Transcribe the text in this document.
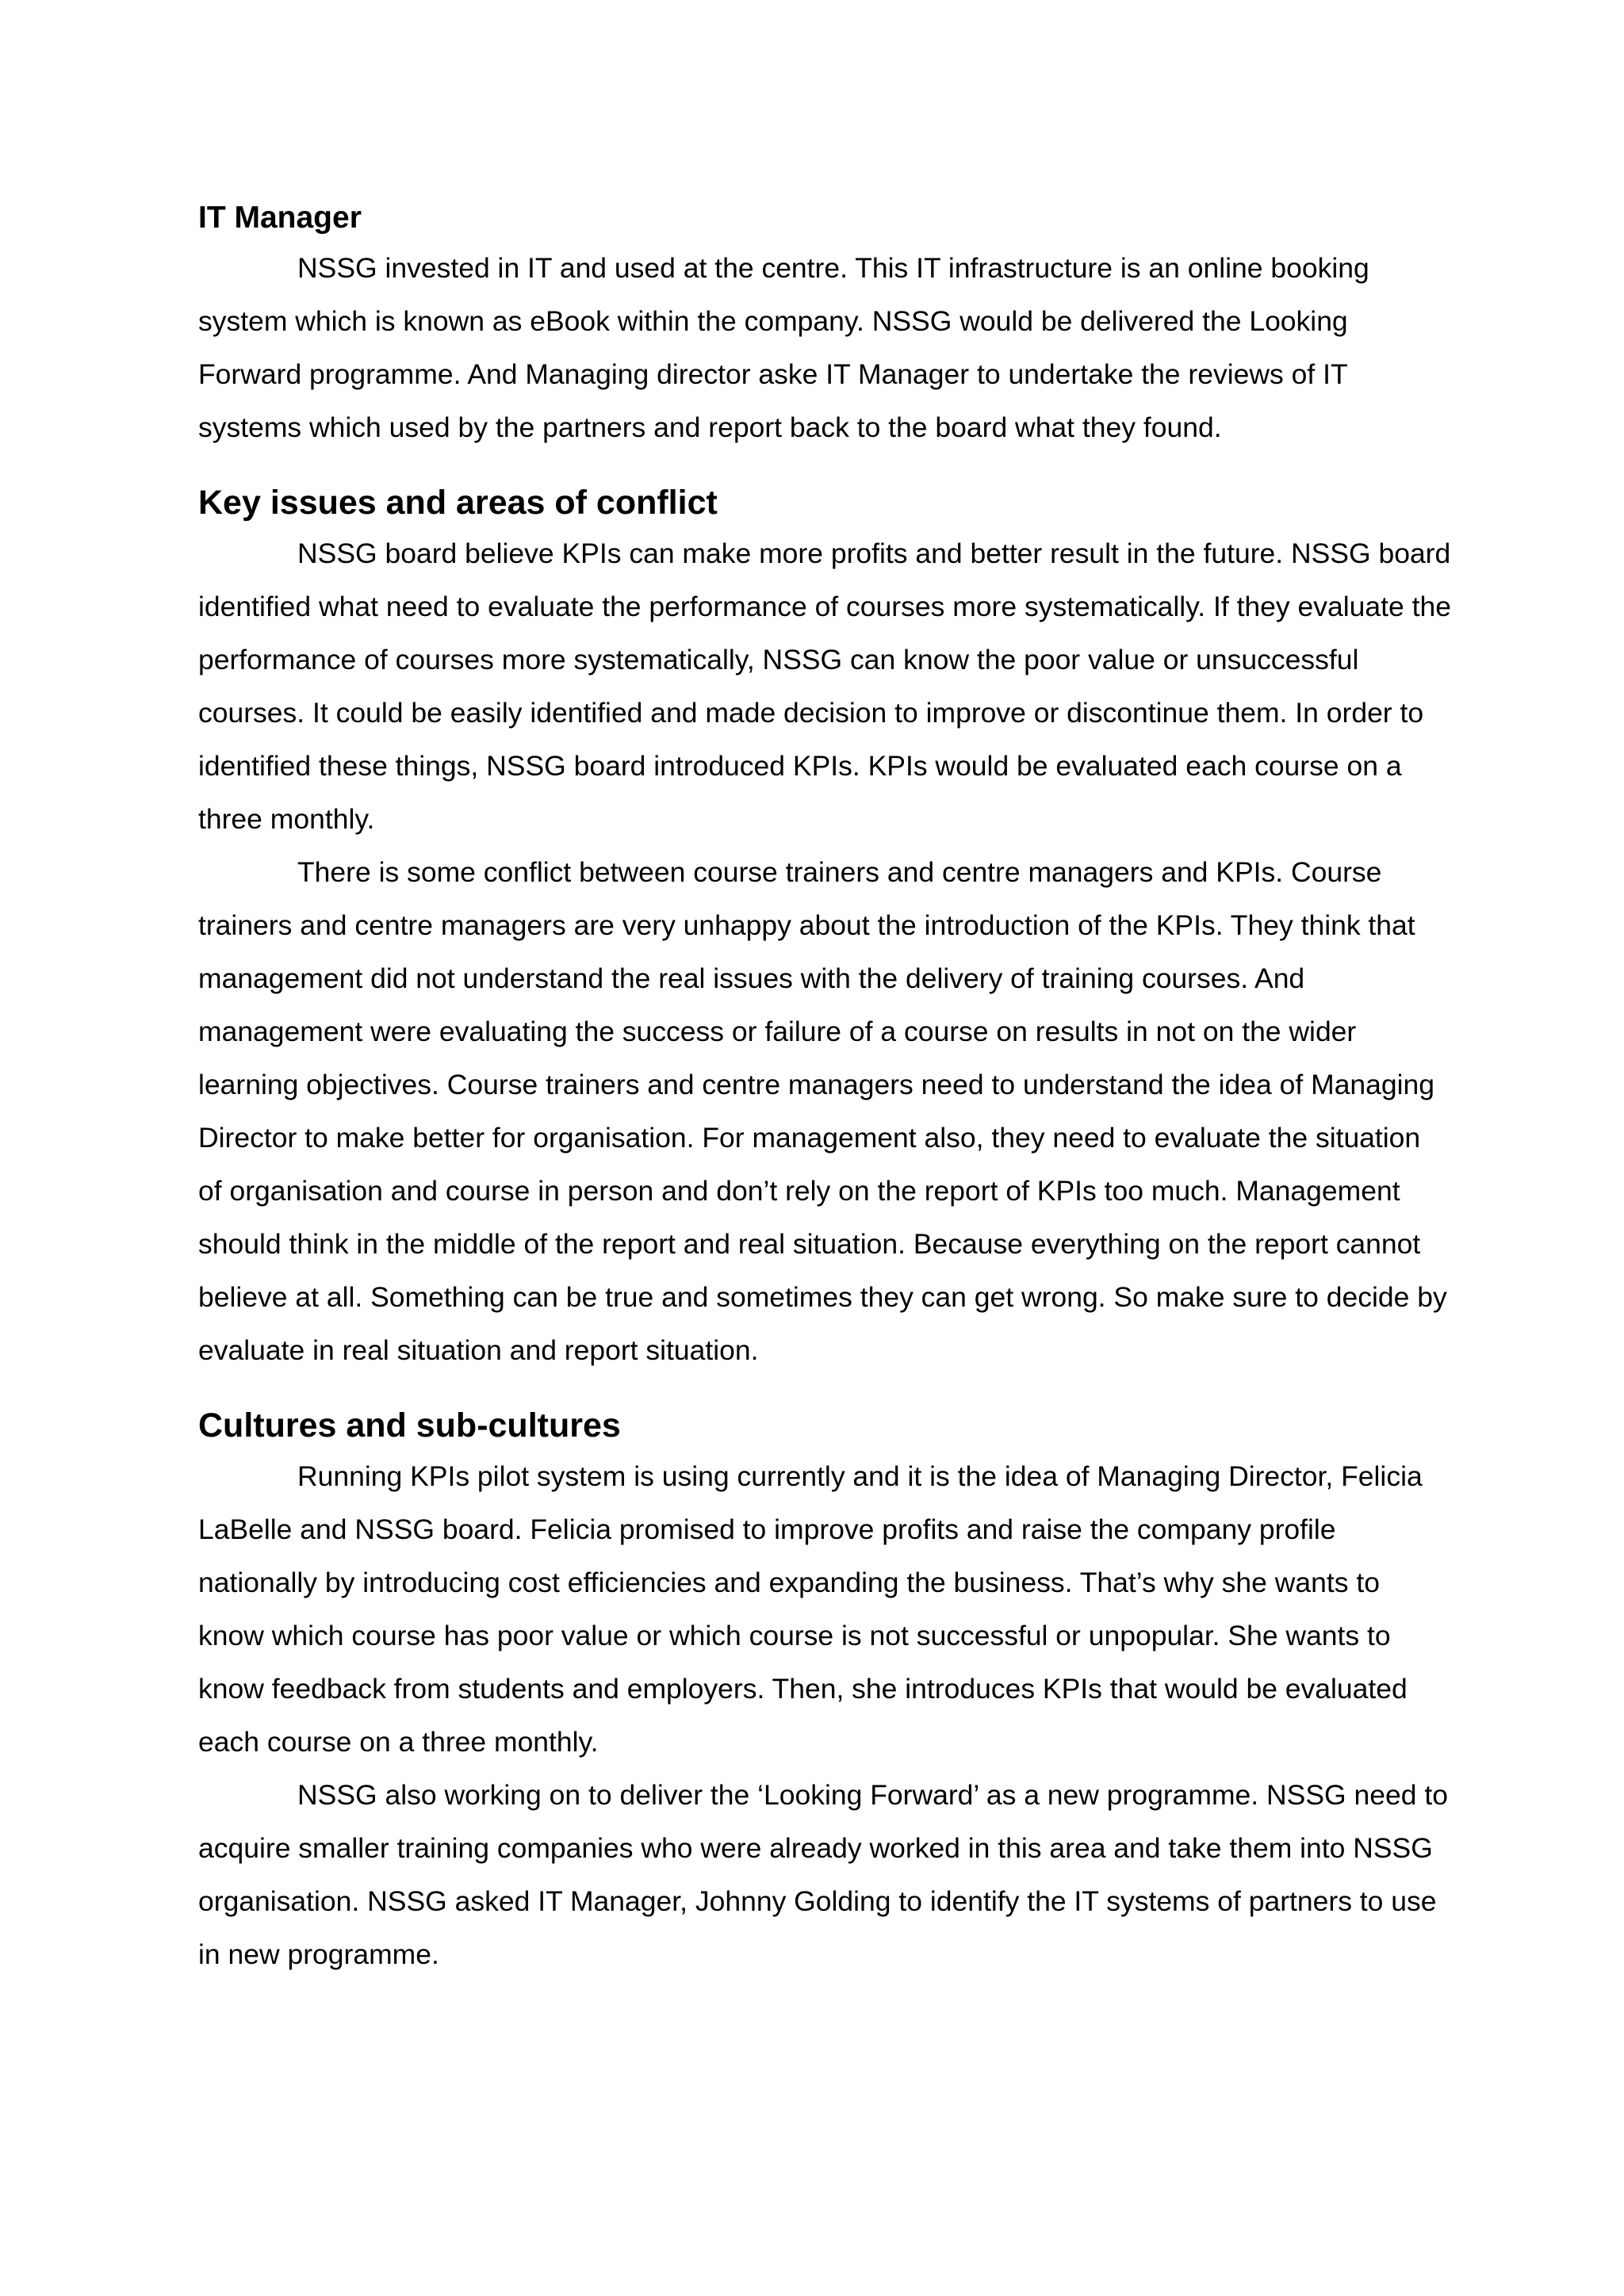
IT Manager

NSSG invested in IT and used at the centre. This IT infrastructure is an online booking system which is known as eBook within the company. NSSG would be delivered the Looking Forward programme. And Managing director aske IT Manager to undertake the reviews of IT systems which used by the partners and report back to the board what they found.

Key issues and areas of conflict

NSSG board believe KPIs can make more profits and better result in the future. NSSG board identified what need to evaluate the performance of courses more systematically. If they evaluate the performance of courses more systematically, NSSG can know the poor value or unsuccessful courses. It could be easily identified and made decision to improve or discontinue them. In order to identified these things, NSSG board introduced KPIs. KPIs would be evaluated each course on a three monthly.

There is some conflict between course trainers and centre managers and KPIs. Course trainers and centre managers are very unhappy about the introduction of the KPIs. They think that management did not understand the real issues with the delivery of training courses. And management were evaluating the success or failure of a course on results in not on the wider learning objectives. Course trainers and centre managers need to understand the idea of Managing Director to make better for organisation. For management also, they need to evaluate the situation of organisation and course in person and don’t rely on the report of KPIs too much. Management should think in the middle of the report and real situation. Because everything on the report cannot believe at all. Something can be true and sometimes they can get wrong. So make sure to decide by evaluate in real situation and report situation.

Cultures and sub-cultures

Running KPIs pilot system is using currently and it is the idea of Managing Director, Felicia LaBelle and NSSG board. Felicia promised to improve profits and raise the company profile nationally by introducing cost efficiencies and expanding the business. That’s why she wants to know which course has poor value or which course is not successful or unpopular. She wants to know feedback from students and employers. Then, she introduces KPIs that would be evaluated each course on a three monthly.

NSSG also working on to deliver the ‘Looking Forward’ as a new programme. NSSG need to acquire smaller training companies who were already worked in this area and take them into NSSG organisation. NSSG asked IT Manager, Johnny Golding to identify the IT systems of partners to use in new programme.
